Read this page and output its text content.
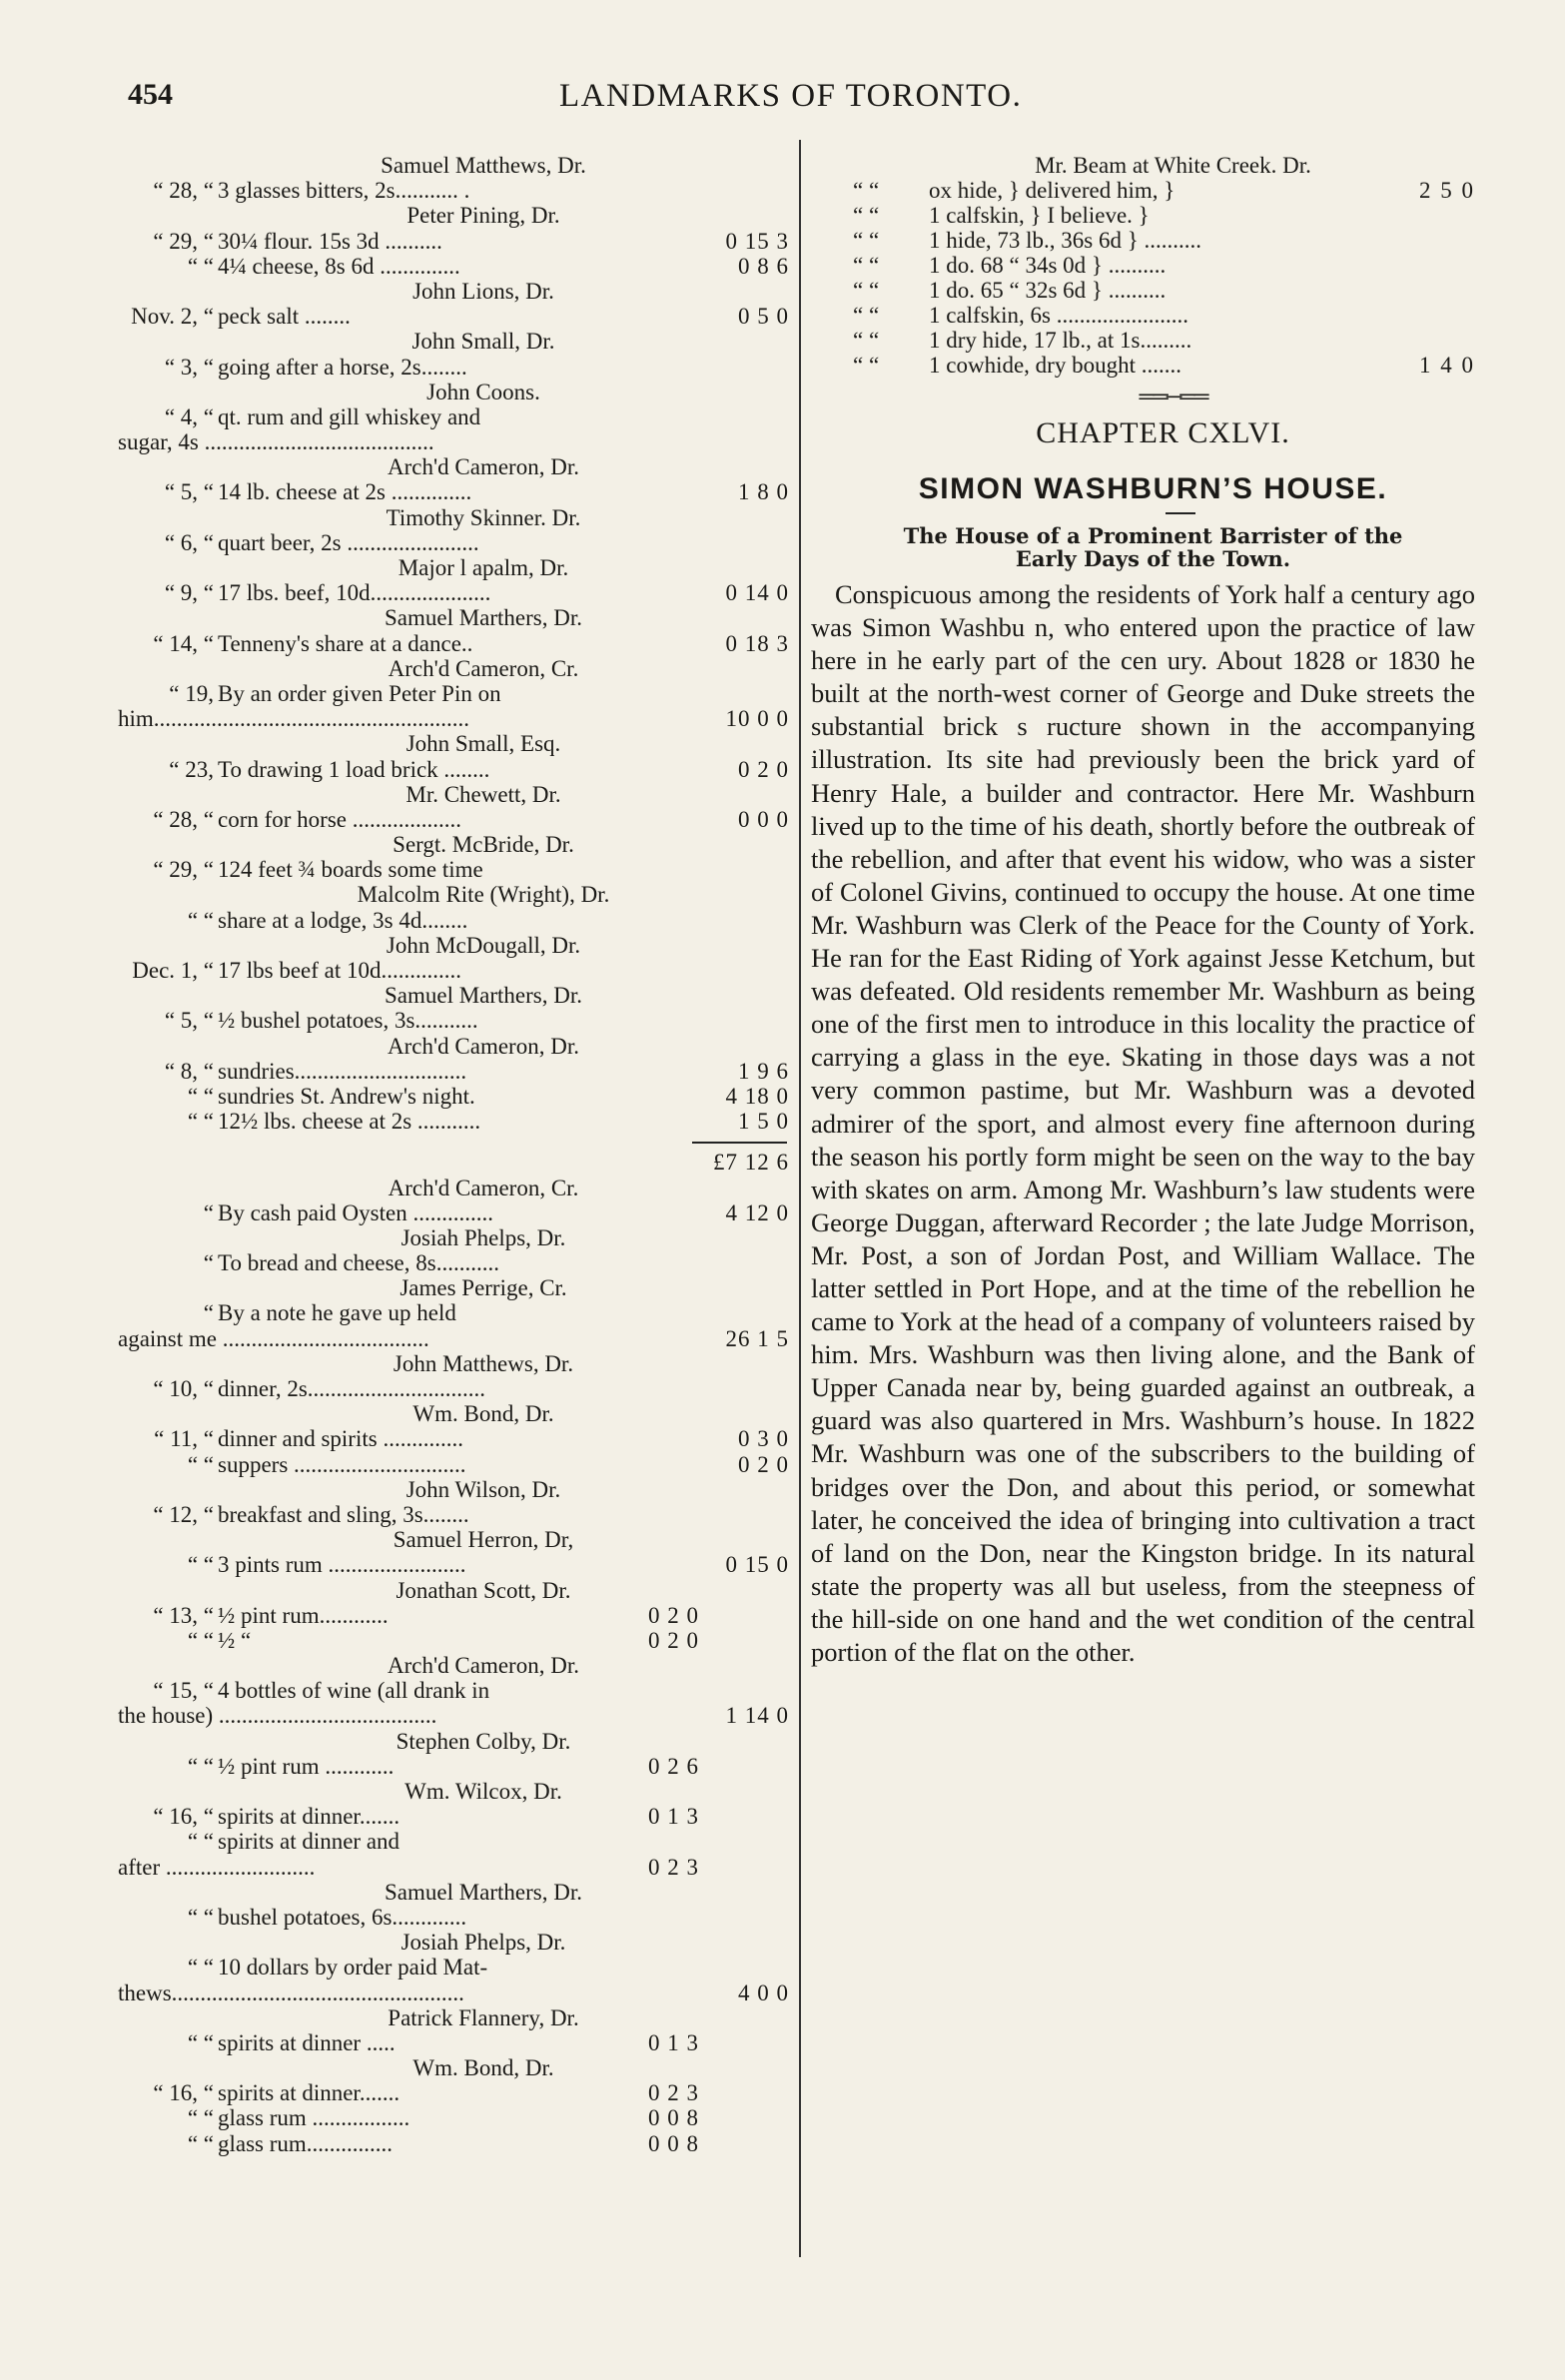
454	LANDMARKS OF TORONTO.
Samuel Matthews, Dr.
“ 28, “ 3 glasses bitters, 2s........... .
Peter Pining, Dr.
“ 29, “ 30¼ flour. 15s 3d ..........	0 15 3
“ “ 4¼ cheese, 8s 6d ..............	0 8 6
John Lions, Dr.
Nov. 2, “ peck salt ........	0 5 0
John Small, Dr.
“ 3, “ going after a horse, 2s........
John Coons.
“ 4, “ qt. rum and gill whiskey and
sugar, 4s ........................................
Arch'd Cameron, Dr.
“ 5, “ 14 lb. cheese at 2s ..............	1 8 0
Timothy Skinner. Dr.
“ 6, “ quart beer, 2s .......................
Major l apalm, Dr.
“ 9, “ 17 lbs. beef, 10d.....................	0 14 0
Samuel Marthers, Dr.
“ 14, “ Tenneny's share at a dance..	0 18 3
Arch'd Cameron, Cr.
“ 19, By an order given Peter Pin on
him.......................................................	10 0 0
John Small, Esq.
“ 23, To drawing 1 load brick ........	0 2 0
Mr. Chewett, Dr.
“ 28, “ corn for horse ...................	0 0 0
Sergt. McBride, Dr.
“ 29, “ 124 feet ¾ boards some time
Malcolm Rite (Wright), Dr.
“ “ share at a lodge, 3s 4d........
John McDougall, Dr.
Dec. 1, “ 17 lbs beef at 10d..............
Samuel Marthers, Dr.
“ 5, “ ½ bushel potatoes, 3s...........
Arch'd Cameron, Dr.
“ 8, “ sundries..............................	1 9 6
“ “ sundries St. Andrew's night.	4 18 0
“ “ 12½ lbs. cheese at 2s ...........	1 5 0
£7 12 6
Arch'd Cameron, Cr.
“ By cash paid Oysten ..............	4 12 0
Josiah Phelps, Dr.
“ To bread and cheese, 8s...........
James Perrige, Cr.
“ By a note he gave up held
against me ....................................	26 1 5
John Matthews, Dr.
“ 10, “ dinner, 2s...............................
Wm. Bond, Dr.
“ 11, “ dinner and spirits ..............	0 3 0
“ “ suppers ..............................	0 2 0
John Wilson, Dr.
“ 12, “ breakfast and sling, 3s........
Samuel Herron, Dr,
“ “ 3 pints rum ........................	0 15 0
Jonathan Scott, Dr.
“ 13, “ ½ pint rum............	0 2 0
“ “ ½ “	0 2 0
Arch'd Cameron, Dr.
“ 15, “ 4 bottles of wine (all drank in
the house) ......................................	1 14 0
Stephen Colby, Dr.
“ “ ½ pint rum ............	0 2 6
Wm. Wilcox, Dr.
“ 16, “ spirits at dinner.......	0 1 3
“ “ spirits at dinner and
after ..........................	0 2 3
Samuel Marthers, Dr.
“ “ bushel potatoes, 6s.............
Josiah Phelps, Dr.
“ “ 10 dollars by order paid Mat-
thews...................................................	4 0 0
Patrick Flannery, Dr.
“ “ spirits at dinner .....	0 1 3
Wm. Bond, Dr.
“ 16, “ spirits at dinner.......	0 2 3
“ “ glass rum .................	0 0 8
“ “ glass rum...............	0 0 8
Mr. Beam at White Creek. Dr.
“ “ ox hide, } delivered him, }	2 5 0
“ “ 1 calfskin, } I believe. }
“ “ 1 hide, 73 lb., 36s 6d } ..........
“ “ 1 do. 68 “ 34s 0d } ..........
“ “ 1 do. 65 “ 32s 6d } ..........
“ “ 1 calfskin, 6s .......................
“ “ 1 dry hide, 17 lb., at 1s.........
“ “ 1 cowhide, dry bought .......	1 4 0
══─══
CHAPTER CXLVI.
SIMON WASHBURN’S HOUSE.
The House of a Prominent Barrister of the
Early Days of the Town.

Conspicuous among the residents of York half a century ago was Simon Washbu n, who entered upon the practice of law here in he early part of the cen ury. About 1828 or 1830 he built at the north-west corner of George and Duke streets the substantial brick s ructure shown in the accompanying illustration. Its site had previously been the brick yard of Henry Hale, a builder and contractor. Here Mr. Washburn lived up to the time of his death, shortly before the outbreak of the rebellion, and after that event his widow, who was a sister of Colonel Givins, continued to occupy the house. At one time Mr. Washburn was Clerk of the Peace for the County of York. He ran for the East Riding of York against Jesse Ketchum, but was defeated. Old residents remember Mr. Washburn as being one of the first men to introduce in this locality the practice of carrying a glass in the eye. Skating in those days was a not very common pastime, but Mr. Washburn was a devoted admirer of the sport, and almost every fine afternoon during the season his portly form might be seen on the way to the bay with skates on arm. Among Mr. Washburn’s law students were George Duggan, afterward Recorder ; the late Judge Morrison, Mr. Post, a son of Jordan Post, and William Wallace. The latter settled in Port Hope, and at the time of the rebellion he came to York at the head of a company of volunteers raised by him. Mrs. Washburn was then living alone, and the Bank of Upper Canada near by, being guarded against an outbreak, a guard was also quartered in Mrs. Washburn’s house. In 1822 Mr. Washburn was one of the subscribers to the building of bridges over the Don, and about this period, or somewhat later, he conceived the idea of bringing into cultivation a tract of land on the Don, near the Kingston bridge. In its natural state the property was all but useless, from the steepness of the hill-side on one hand and the wet condition of the central portion of the flat on the other.
